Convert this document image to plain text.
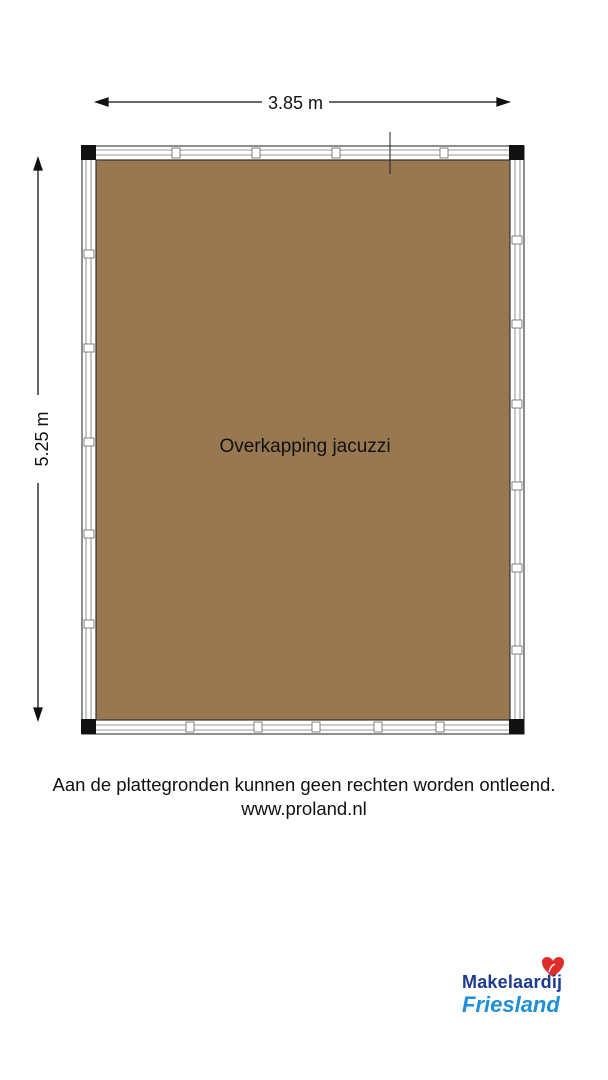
3.85 m
5.25 m	Overkapping jacuzzi
Aan de plattegronden kunnen geen rechten worden ontleend.
www.proland.nl
Makelaardij
Friesland
